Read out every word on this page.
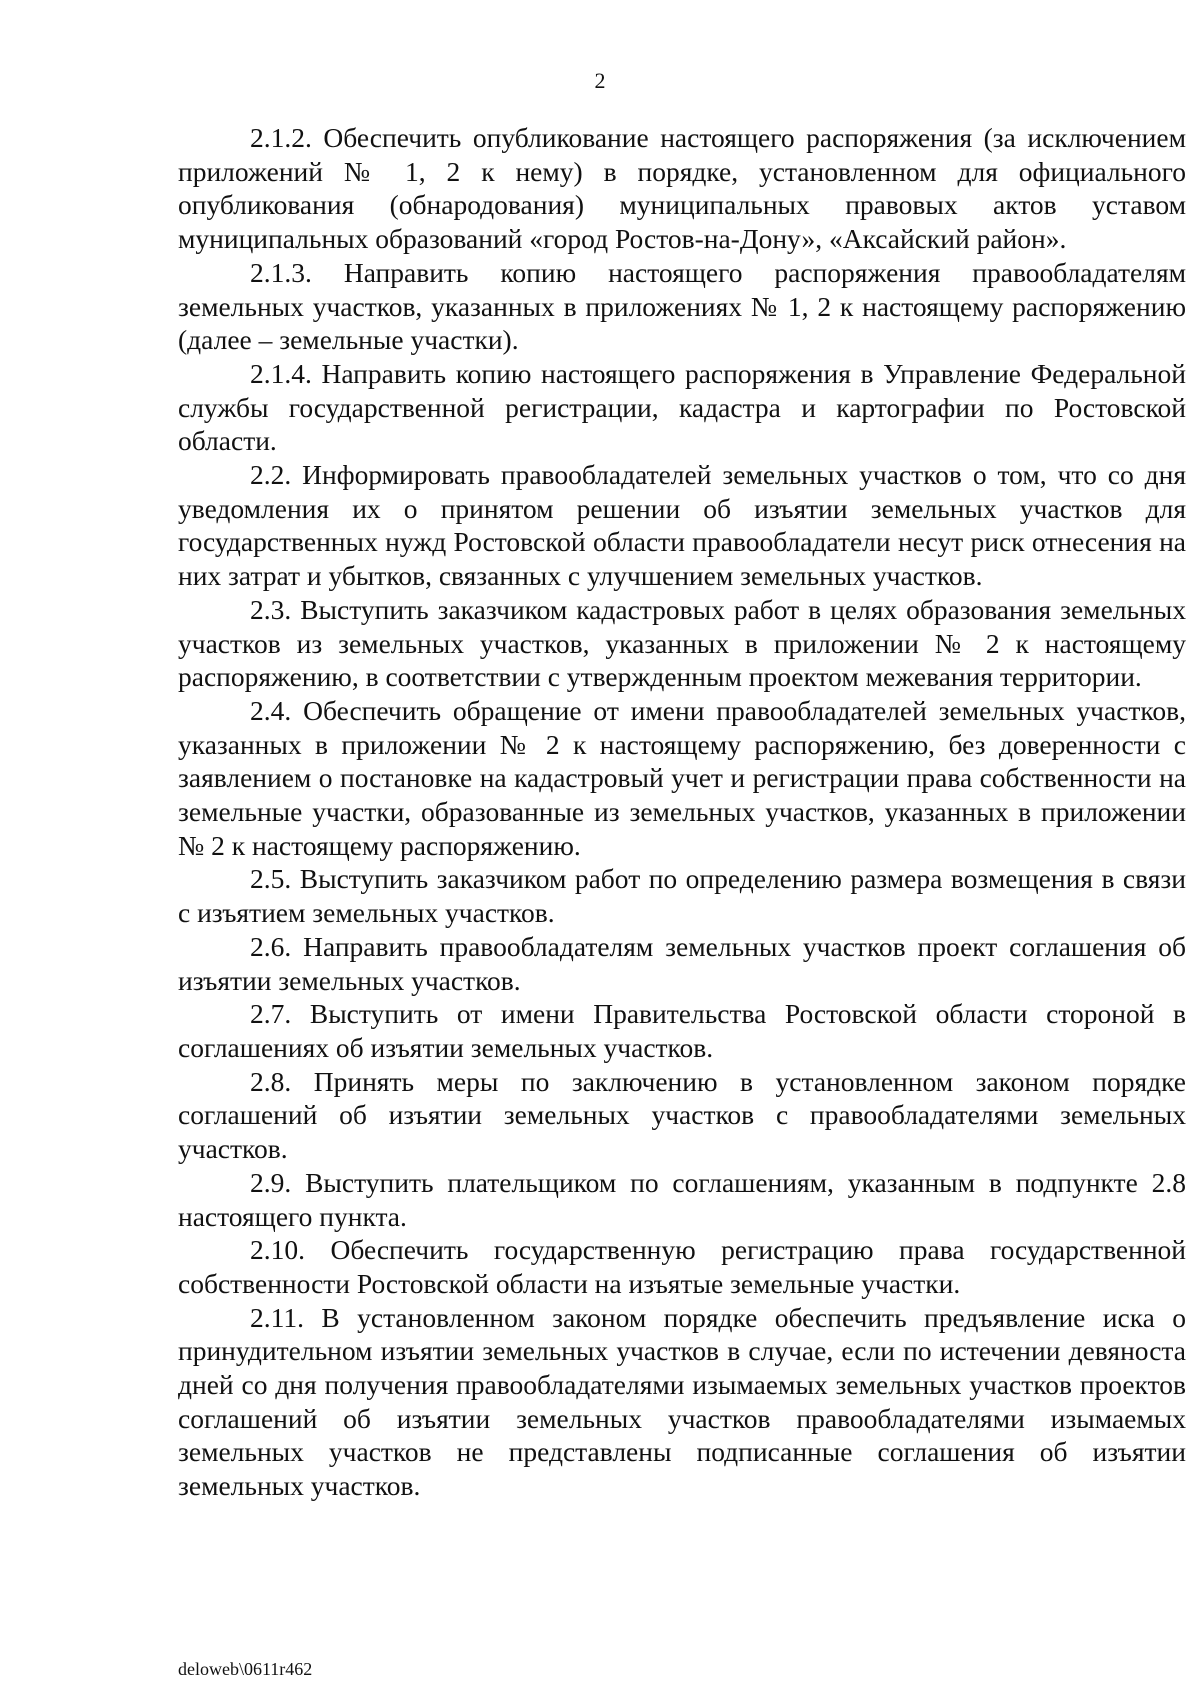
2

2.1.2. Обеспечить опубликование настоящего распоряжения (за исключением приложений № 1, 2 к нему) в порядке, установленном для официального опубликования (обнародования) муниципальных правовых актов уставом муниципальных образований «город Ростов-на-Дону», «Аксайский район».

2.1.3. Направить копию настоящего распоряжения правообладателям земельных участков, указанных в приложениях № 1, 2 к настоящему распоряжению (далее – земельные участки).

2.1.4. Направить копию настоящего распоряжения в Управление Федеральной службы государственной регистрации, кадастра и картографии по Ростовской области.

2.2. Информировать правообладателей земельных участков о том, что со дня уведомления их о принятом решении об изъятии земельных участков для государственных нужд Ростовской области правообладатели несут риск отнесения на них затрат и убытков, связанных с улучшением земельных участков.

2.3. Выступить заказчиком кадастровых работ в целях образования земельных участков из земельных участков, указанных в приложении № 2 к настоящему распоряжению, в соответствии с утвержденным проектом межевания территории.

2.4. Обеспечить обращение от имени правообладателей земельных участков, указанных в приложении № 2 к настоящему распоряжению, без доверенности с заявлением о постановке на кадастровый учет и регистрации права собственности на земельные участки, образованные из земельных участков, указанных в приложении № 2 к настоящему распоряжению.

2.5. Выступить заказчиком работ по определению размера возмещения в связи с изъятием земельных участков.

2.6. Направить правообладателям земельных участков проект соглашения об изъятии земельных участков.

2.7. Выступить от имени Правительства Ростовской области стороной в соглашениях об изъятии земельных участков.

2.8. Принять меры по заключению в установленном законом порядке соглашений об изъятии земельных участков с правообладателями земельных участков.

2.9. Выступить плательщиком по соглашениям, указанным в подпункте 2.8 настоящего пункта.

2.10. Обеспечить государственную регистрацию права государственной собственности Ростовской области на изъятые земельные участки.

2.11. В установленном законом порядке обеспечить предъявление иска о принудительном изъятии земельных участков в случае, если по истечении девяноста дней со дня получения правообладателями изымаемых земельных участков проектов соглашений об изъятии земельных участков правообладателями изымаемых земельных участков не представлены подписанные соглашения об изъятии земельных участков.

deloweb\0611r462
